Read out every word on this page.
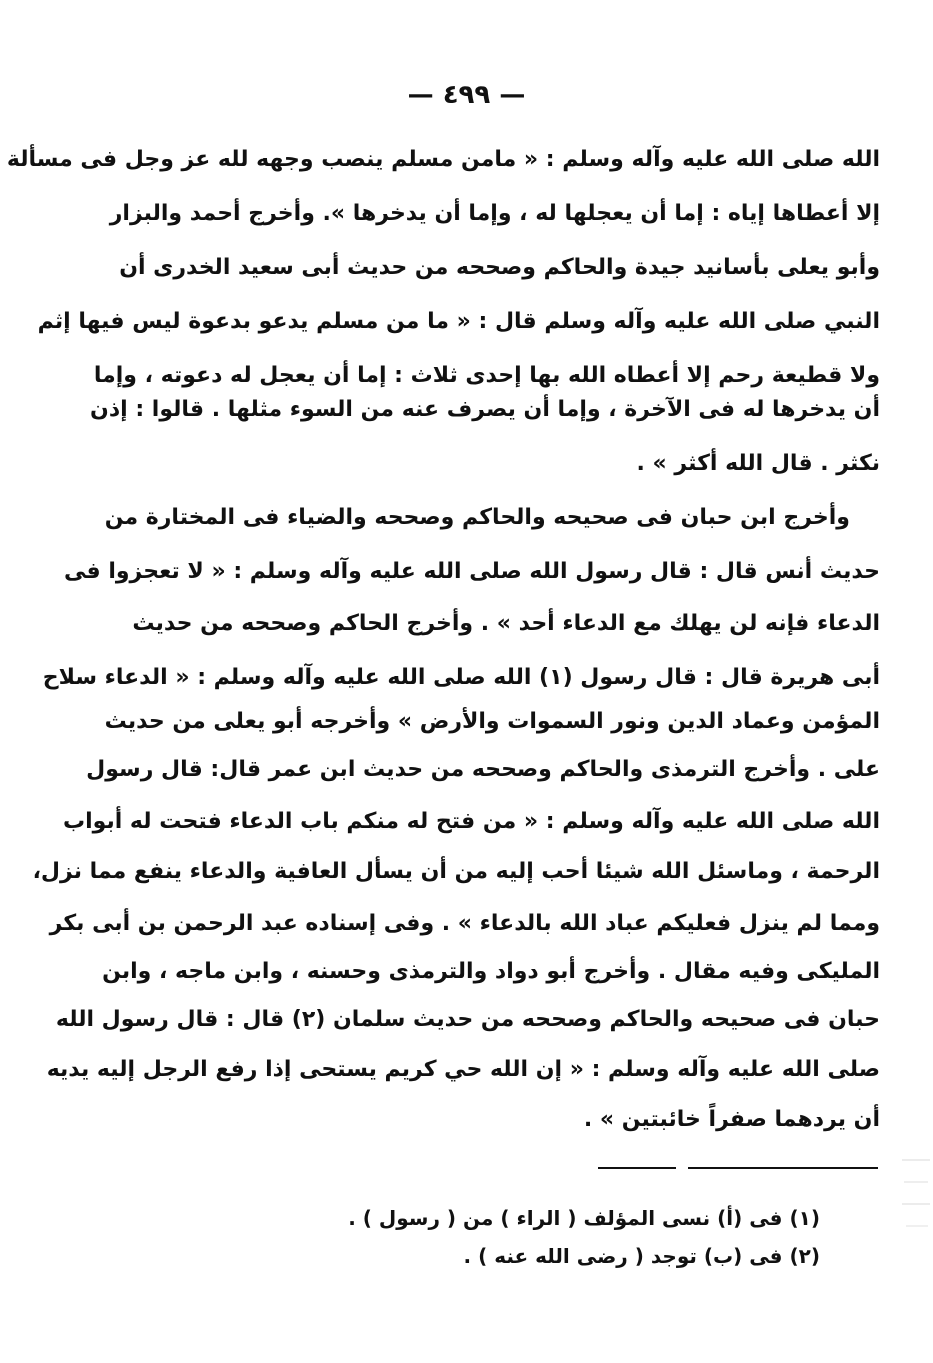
— ٤٩٩ —
الله صلى الله عليه وآله وسلم : « مامن مسلم ينصب وجهه لله عز وجل فى مسألة
إلا أعطاها إياه : إما أن يعجلها له ، وإما أن يدخرها ». وأخرج أحمد والبزار
وأبو يعلى بأسانيد جيدة والحاكم وصححه من حديث أبى سعيد الخدرى أن
النبي صلى الله عليه وآله وسلم قال : « ما من مسلم يدعو بدعوة ليس فيها إثم
ولا قطيعة رحم إلا أعطاه الله بها إحدى ثلاث : إما أن يعجل له دعوته ، وإما
أن يدخرها له فى الآخرة ، وإما أن يصرف عنه من السوء مثلها . قالوا : إذن
نكثر . قال الله أكثر » .
وأخرج ابن حبان فى صحيحه والحاكم وصححه والضياء فى المختارة من
حديث أنس قال : قال رسول الله صلى الله عليه وآله وسلم : « لا تعجزوا فى
الدعاء فإنه لن يهلك مع الدعاء أحد » . وأخرج الحاكم وصححه من حديث
أبى هريرة قال : قال رسول (١) الله صلى الله عليه وآله وسلم : « الدعاء سلاح
المؤمن وعماد الدين ونور السموات والأرض » وأخرجه أبو يعلى من حديث
على . وأخرج الترمذى والحاكم وصححه من حديث ابن عمر قال: قال رسول
الله صلى الله عليه وآله وسلم : « من فتح له منكم باب الدعاء فتحت له أبواب
الرحمة ، وماسئل الله شيئا أحب إليه من أن يسأل العافية والدعاء ينفع مما نزل،
ومما لم ينزل فعليكم عباد الله بالدعاء » . وفى إسناده عبد الرحمن بن أبى بكر
المليكى وفيه مقال . وأخرج أبو دواد والترمذى وحسنه ، وابن ماجه ، وابن
حبان فى صحيحه والحاكم وصححه من حديث سلمان (٢) قال : قال رسول الله
صلى الله عليه وآله وسلم : « إن الله حي كريم يستحى إذا رفع الرجل إليه يديه
أن يردهما صفراً خائبتين » .
(١) فى (أ) نسى المؤلف ( الراء ) من ( رسول ) .
(٢) فى (ب) توجد ( رضى الله عنه ) .
